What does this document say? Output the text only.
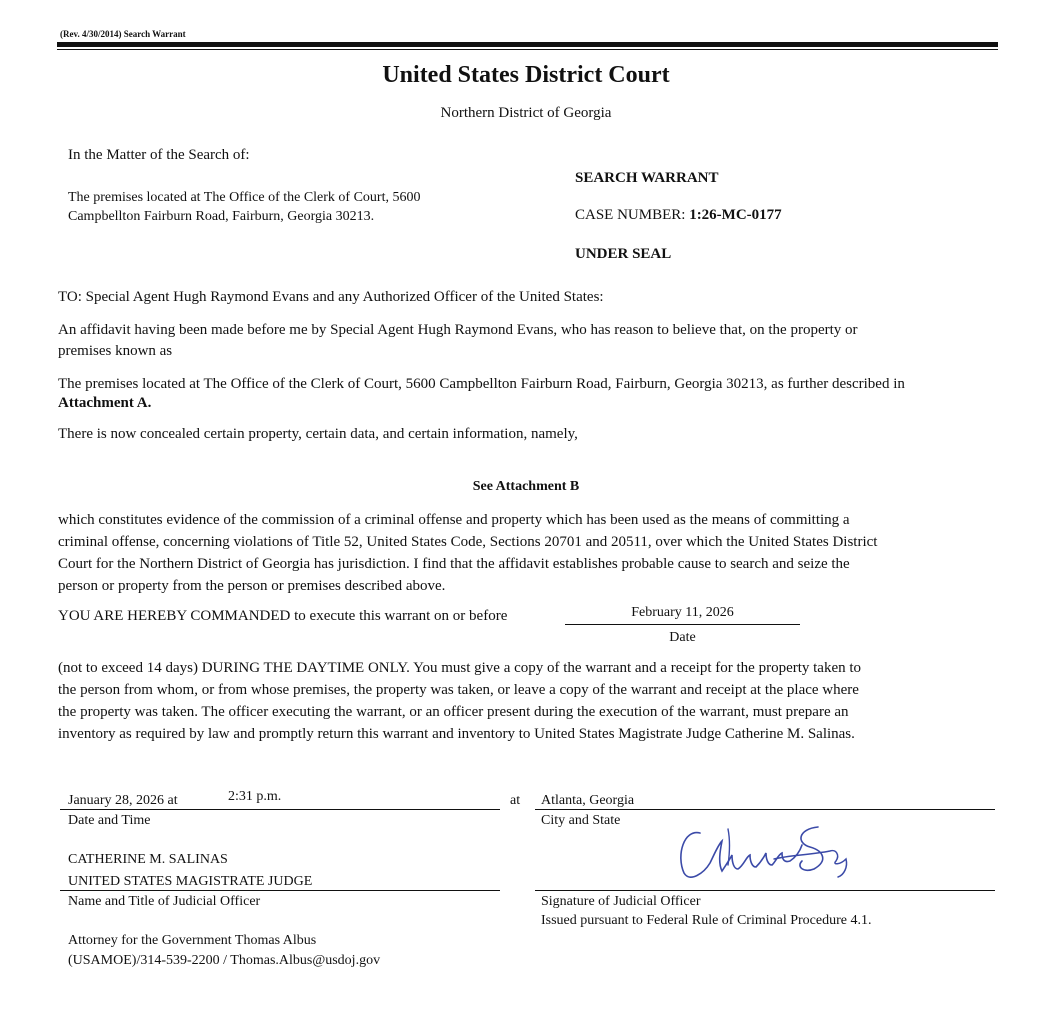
(Rev. 4/30/2014) Search Warrant
United States District Court
Northern District of Georgia
In the Matter of the Search of:
The premises located at The Office of the Clerk of Court, 5600
Campbellton Fairburn Road, Fairburn, Georgia 30213.
SEARCH WARRANT
CASE NUMBER: 1:26-MC-0177
UNDER SEAL
TO: Special Agent Hugh Raymond Evans and any Authorized Officer of the United States:
An affidavit having been made before me by Special Agent Hugh Raymond Evans, who has reason to believe that, on the property or
premises known as
The premises located at The Office of the Clerk of Court, 5600 Campbellton Fairburn Road, Fairburn, Georgia 30213, as further described in
Attachment A.
There is now concealed certain property, certain data, and certain information, namely,
See Attachment B
which constitutes evidence of the commission of a criminal offense and property which has been used as the means of committing a
criminal offense, concerning violations of Title 52, United States Code, Sections 20701 and 20511, over which the United States District
Court for the Northern District of Georgia has jurisdiction. I find that the affidavit establishes probable cause to search and seize the
person or property from the person or premises described above.
YOU ARE HEREBY COMMANDED to execute this warrant on or before	February 11, 2026
Date
(not to exceed 14 days) DURING THE DAYTIME ONLY. You must give a copy of the warrant and a receipt for the property taken to
the person from whom, or from whose premises, the property was taken, or leave a copy of the warrant and receipt at the place where
the property was taken. The officer executing the warrant, or an officer present during the execution of the warrant, must prepare an
inventory as required by law and promptly return this warrant and inventory to United States Magistrate Judge Catherine M. Salinas.
January 28, 2026 at	2:31 p.m.
Date and Time
at Atlanta, Georgia
City and State
CATHERINE M. SALINAS
UNITED STATES MAGISTRATE JUDGE
Name and Title of Judicial Officer	Signature of Judicial Officer
Issued pursuant to Federal Rule of Criminal Procedure 4.1.
Attorney for the Government Thomas Albus
(USAMOE)/314-539-2200 / Thomas.Albus@usdoj.gov
